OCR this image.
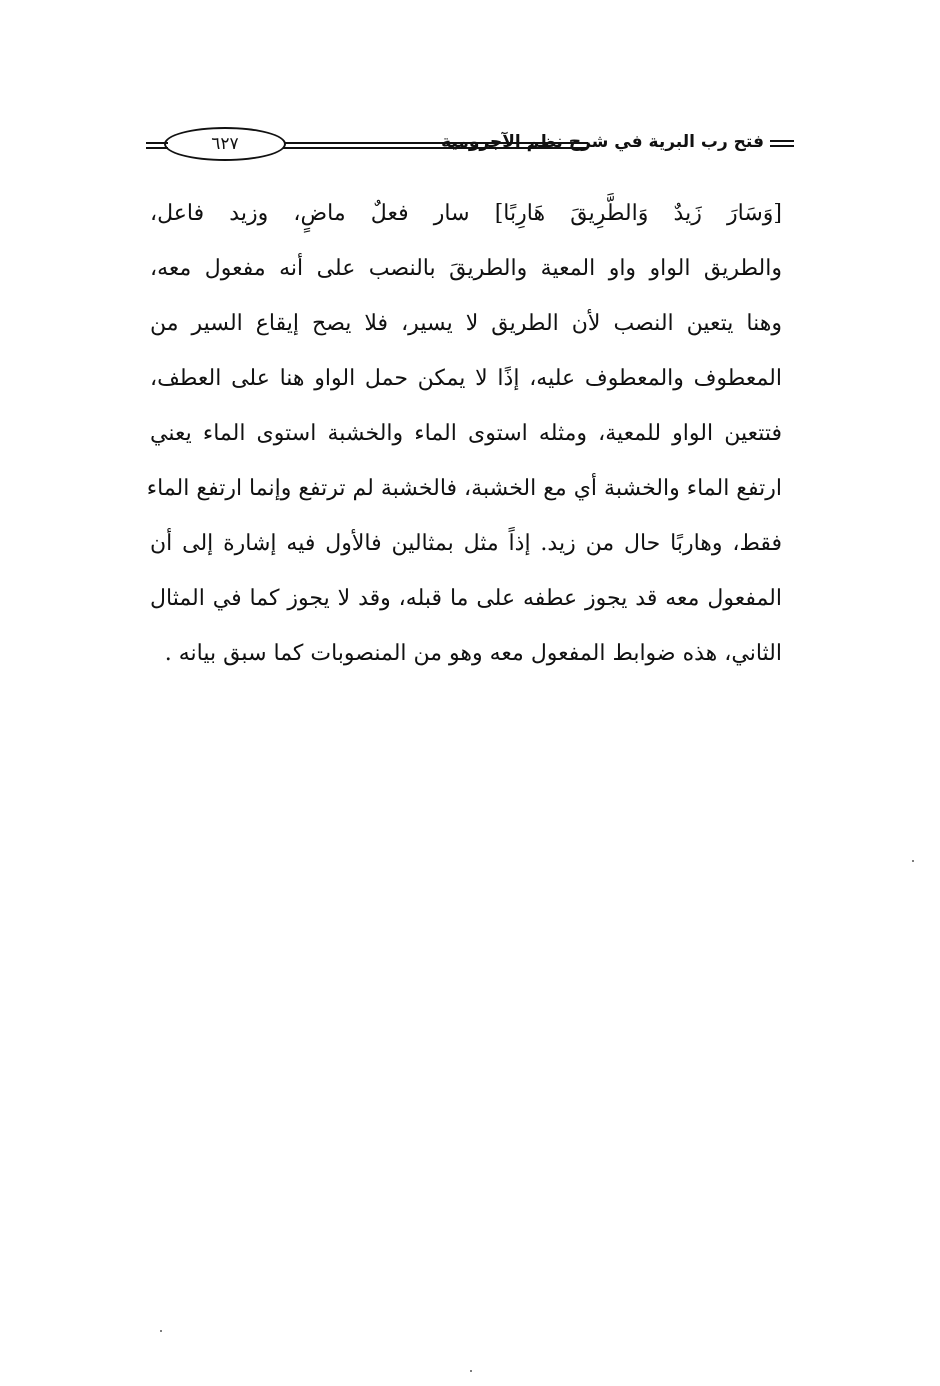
فتح رب البرية في شرح نظم الآجرومية
٦٢٧
[وَسَارَ زَيدٌ وَالطَّرِيقَ هَارِبًا] سار فعلٌ ماضٍ، وزيد فاعل،
والطريق الواو واو المعية والطريقَ بالنصب على أنه مفعول معه،
وهنا يتعين النصب لأن الطريق لا يسير، فلا يصح إيقاع السير من
المعطوف والمعطوف عليه، إذًا لا يمكن حمل الواو هنا على العطف،
فتتعين الواو للمعية، ومثله استوى الماء والخشبة استوى الماء يعني
ارتفع الماء والخشبة أي مع الخشبة، فالخشبة لم ترتفع وإنما ارتفع الماء
فقط، وهاربًا حال من زيد. إذاً مثل بمثالين فالأول فيه إشارة إلى أن
المفعول معه قد يجوز عطفه على ما قبله، وقد لا يجوز كما في المثال
الثاني، هذه ضوابط المفعول معه وهو من المنصوبات كما سبق بيانه .
